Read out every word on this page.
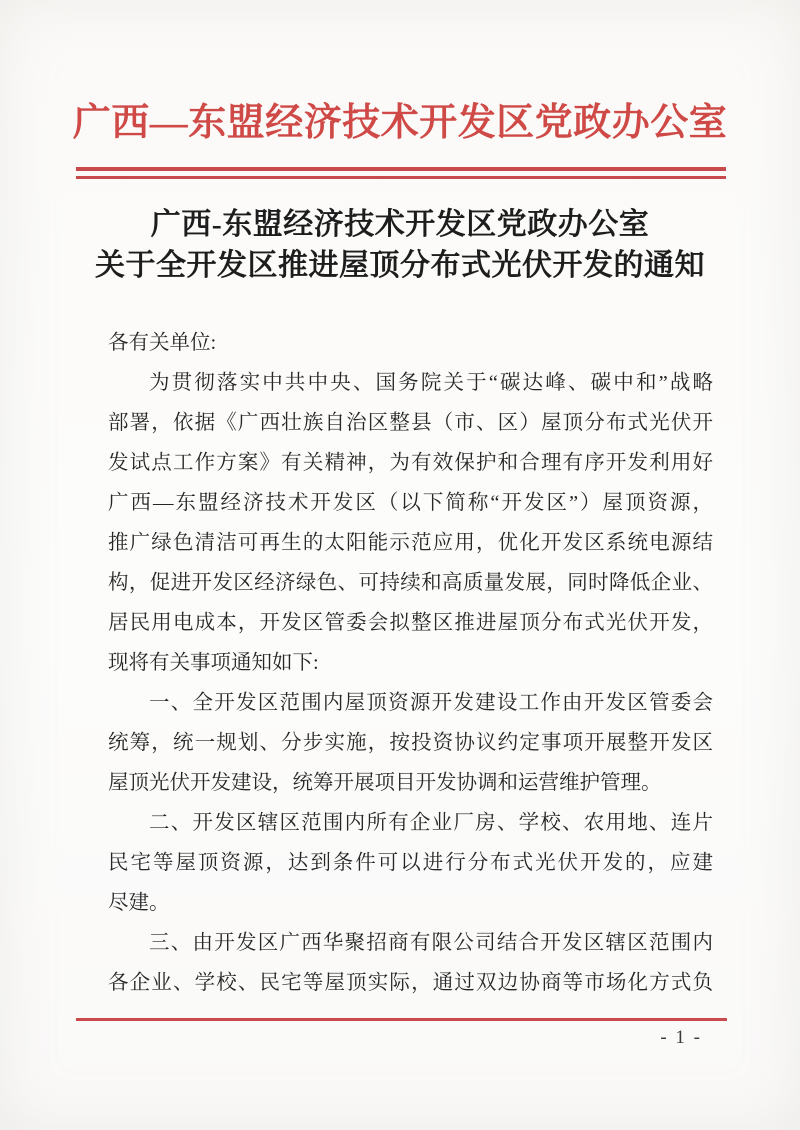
广西—东盟经济技术开发区党政办公室
广西-东盟经济技术开发区党政办公室
关于全开发区推进屋顶分布式光伏开发的通知
各有关单位:
为贯彻落实中共中央、国务院关于“碳达峰、碳中和”战略
部署，依据《广西壮族自治区整县（市、区）屋顶分布式光伏开
发试点工作方案》有关精神，为有效保护和合理有序开发利用好
广西—东盟经济技术开发区（以下简称“开发区”）屋顶资源，
推广绿色清洁可再生的太阳能示范应用，优化开发区系统电源结
构，促进开发区经济绿色、可持续和高质量发展，同时降低企业、
居民用电成本，开发区管委会拟整区推进屋顶分布式光伏开发，
现将有关事项通知如下:
一、全开发区范围内屋顶资源开发建设工作由开发区管委会
统筹，统一规划、分步实施，按投资协议约定事项开展整开发区
屋顶光伏开发建设，统筹开展项目开发协调和运营维护管理。
二、开发区辖区范围内所有企业厂房、学校、农用地、连片
民宅等屋顶资源，达到条件可以进行分布式光伏开发的，应建
尽建。
三、由开发区广西华聚招商有限公司结合开发区辖区范围内
各企业、学校、民宅等屋顶实际，通过双边协商等市场化方式负
- 1 -
